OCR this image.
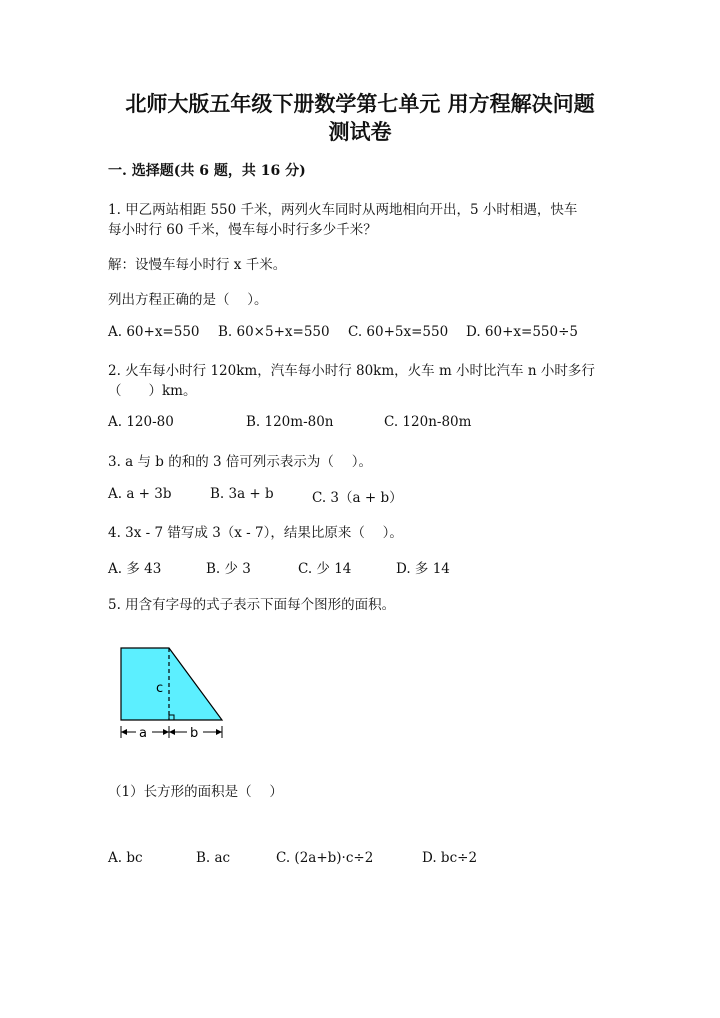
北师大版五年级下册数学第七单元 用方程解决问题
测试卷
一. 选择题(共 6 题，共 16 分)
1. 甲乙两站相距 550 千米，两列火车同时从两地相向开出，5 小时相遇，快车
每小时行 60 千米，慢车每小时行多少千米？
解：设慢车每小时行 x 千米。
列出方程正确的是（　 ）。
A. 60+x=550 B. 60×5+x=550 C. 60+5x=550 D. 60+x=550÷5
2. 火车每小时行 120km，汽车每小时行 80km，火车 m 小时比汽车 n 小时多行
（　　）km。
A. 120-80	B. 120m-80n	C. 120n-80m
3. a 与 b 的和的 3 倍可列示表示为（　 ）。
A. a + 3b	B. 3a + b	C. 3（a + b）
4. 3x - 7 错写成 3（x - 7），结果比原来（　 ）。
A. 多 43	B. 少 3	C. 少 14	D. 多 14
5. 用含有字母的式子表示下面每个图形的面积。
c
a	b
（1）长方形的面积是（　 ）
A. bc	B. ac	C. (2a+b)·c÷2	D. bc÷2
